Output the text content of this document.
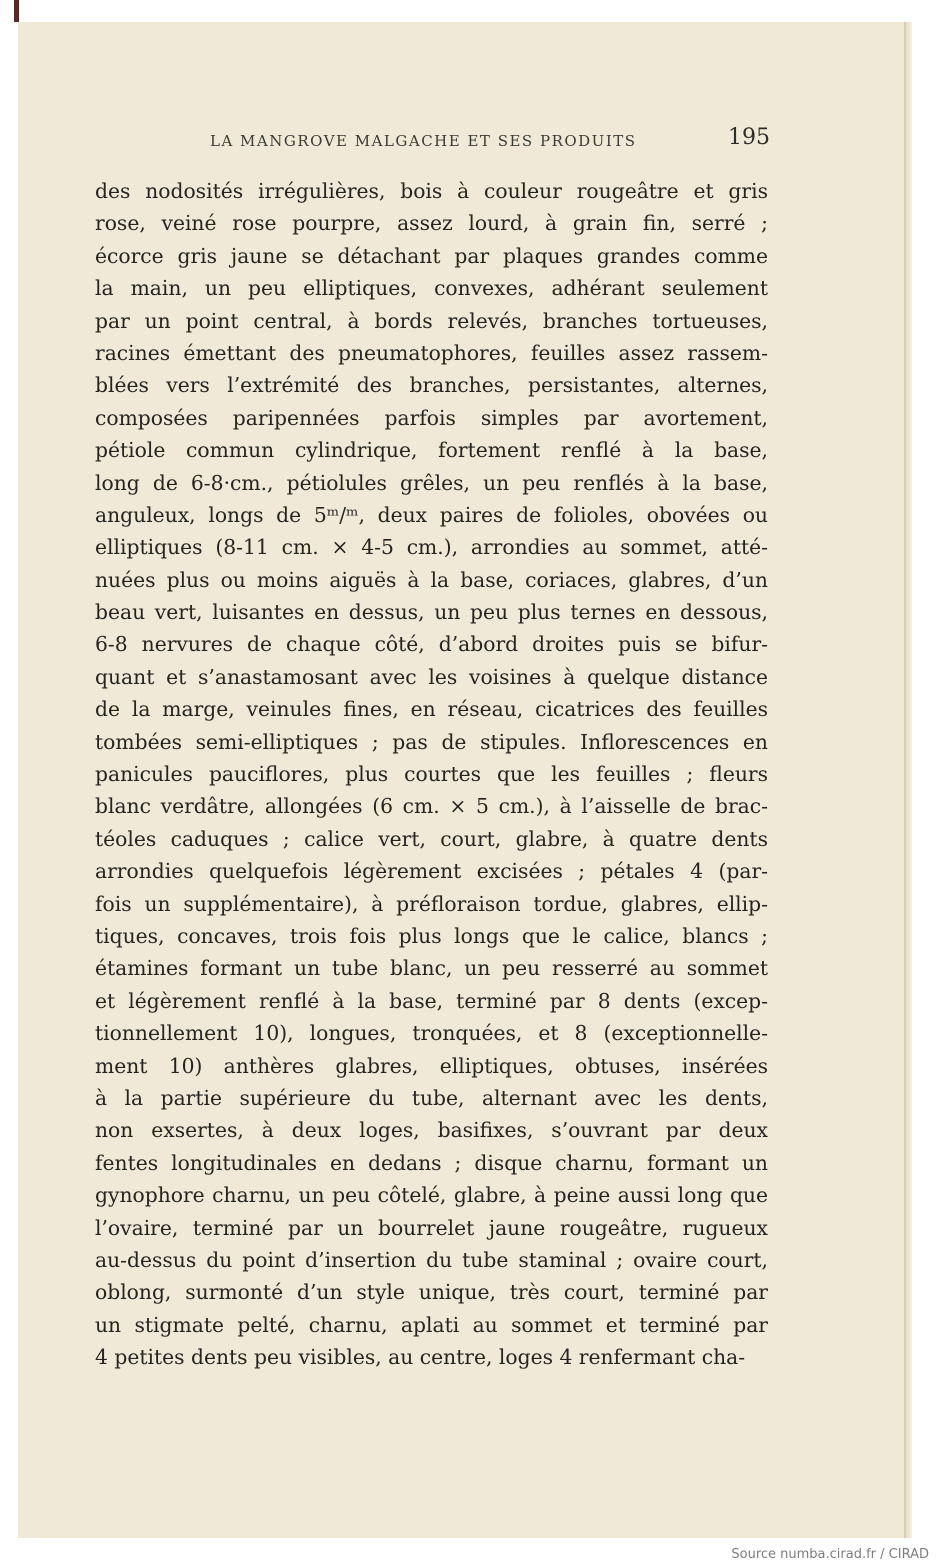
LA MANGROVE MALGACHE ET SES PRODUITS	195
des nodosités irrégulières, bois à couleur rougeâtre et gris
rose, veiné rose pourpre, assez lourd, à grain fin, serré ;
écorce gris jaune se détachant par plaques grandes comme
la main, un peu elliptiques, convexes, adhérant seulement
par un point central, à bords relevés, branches tortueuses,
racines émettant des pneumatophores, feuilles assez rassem-
blées vers l’extrémité des branches, persistantes, alternes,
composées paripennées parfois simples par avortement,
pétiole commun cylindrique, fortement renflé à la base,
long de 6-8·cm., pétiolules grêles, un peu renflés à la base,
anguleux, longs de 5ᵐ/ᵐ, deux paires de folioles, obovées ou
elliptiques (8-11 cm. × 4-5 cm.), arrondies au sommet, atté-
nuées plus ou moins aiguës à la base, coriaces, glabres, d’un
beau vert, luisantes en dessus, un peu plus ternes en dessous,
6-8 nervures de chaque côté, d’abord droites puis se bifur-
quant et s’anastamosant avec les voisines à quelque distance
de la marge, veinules fines, en réseau, cicatrices des feuilles
tombées semi-elliptiques ; pas de stipules. Inflorescences en
panicules pauciflores, plus courtes que les feuilles ; fleurs
blanc verdâtre, allongées (6 cm. × 5 cm.), à l’aisselle de brac-
téoles caduques ; calice vert, court, glabre, à quatre dents
arrondies quelquefois légèrement excisées ; pétales 4 (par-
fois un supplémentaire), à préfloraison tordue, glabres, ellip-
tiques, concaves, trois fois plus longs que le calice, blancs ;
étamines formant un tube blanc, un peu resserré au sommet
et légèrement renflé à la base, terminé par 8 dents (excep-
tionnellement 10), longues, tronquées, et 8 (exceptionnelle-
ment 10) anthères glabres, elliptiques, obtuses, insérées
à la partie supérieure du tube, alternant avec les dents,
non exsertes, à deux loges, basifixes, s’ouvrant par deux
fentes longitudinales en dedans ; disque charnu, formant un
gynophore charnu, un peu côtelé, glabre, à peine aussi long que
l’ovaire, terminé par un bourrelet jaune rougeâtre, rugueux
au-dessus du point d’insertion du tube staminal ; ovaire court,
oblong, surmonté d’un style unique, très court, terminé par
un stigmate pelté, charnu, aplati au sommet et terminé par
4 petites dents peu visibles, au centre, loges 4 renfermant cha-
Source numba.cirad.fr / CIRAD
